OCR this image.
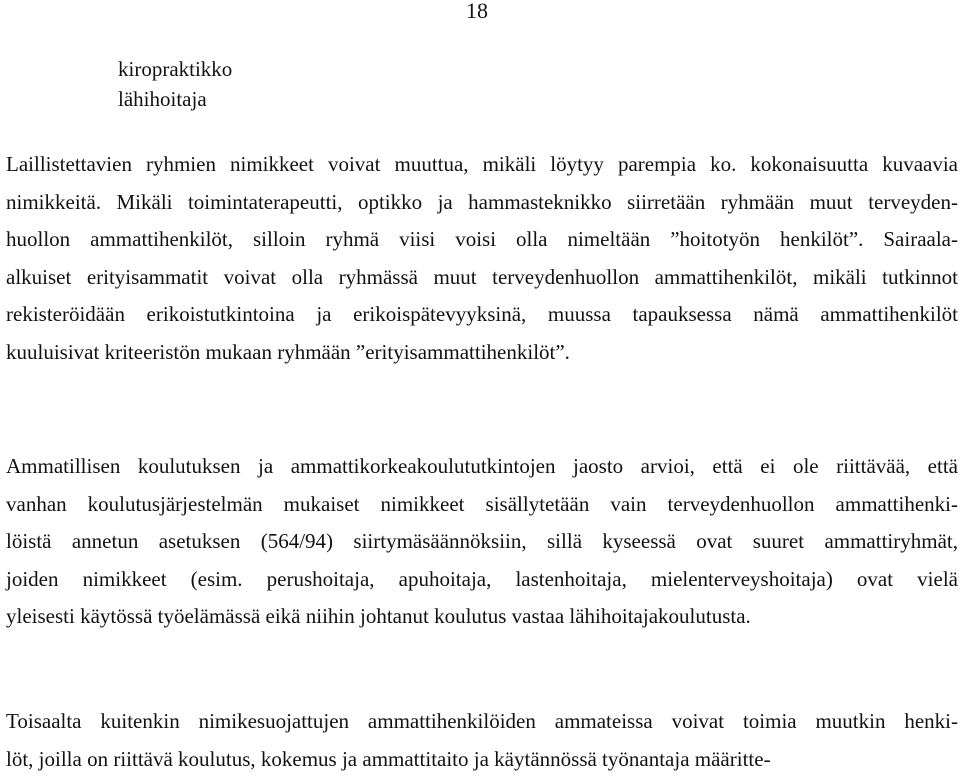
18
kiropraktikko
lähihoitaja
Laillistettavien ryhmien nimikkeet voivat muuttua, mikäli löytyy parempia ko. kokonaisuutta kuvaavia
nimikkeitä. Mikäli toimintaterapeutti, optikko ja hammasteknikko siirretään ryhmään muut terveyden-
huollon ammattihenkilöt, silloin ryhmä viisi voisi olla nimeltään ”hoitotyön henkilöt”. Sairaala-
alkuiset erityisammatit voivat olla ryhmässä muut terveydenhuollon ammattihenkilöt, mikäli tutkinnot
rekisteröidään erikoistutkintoina ja erikoispätevyyksinä, muussa tapauksessa nämä ammattihenkilöt
kuuluisivat kriteeristön mukaan ryhmään ”erityisammattihenkilöt”.
Ammatillisen koulutuksen ja ammattikorkeakoulututkintojen jaosto arvioi, että ei ole riittävää, että
vanhan koulutusjärjestelmän mukaiset nimikkeet sisällytetään vain terveydenhuollon ammattihenki-
löistä annetun asetuksen (564/94) siirtymäsäännöksiin, sillä kyseessä ovat suuret ammattiryhmät,
joiden nimikkeet (esim. perushoitaja, apuhoitaja, lastenhoitaja, mielenterveyshoitaja) ovat vielä
yleisesti käytössä työelämässä eikä niihin johtanut koulutus vastaa lähihoitajakoulutusta.
Toisaalta kuitenkin nimikesuojattujen ammattihenkilöiden ammateissa voivat toimia muutkin henki-
löt, joilla on riittävä koulutus, kokemus ja ammattitaito ja käytännössä työnantaja määritte-
